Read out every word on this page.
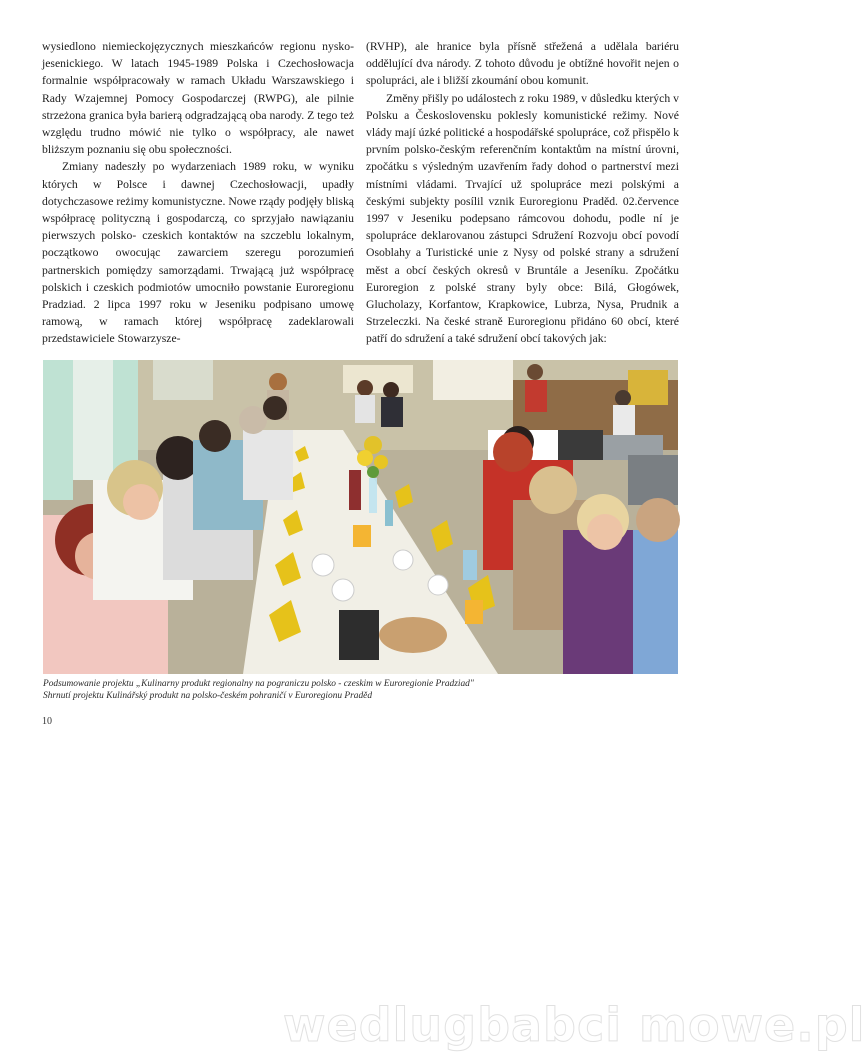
wysiedlono niemieckojęzycznych mieszkańców regionu nysko-jesenickiego. W latach 1945-1989 Polska i Czechosłowacja formalnie współpracowały w ramach Układu Warszawskiego i Rady Wzajemnej Pomocy Gospodarczej (RWPG), ale pilnie strzeżona granica była barierą odgradzającą oba narody. Z tego też względu trudno mówić nie tylko o współpracy, ale nawet bliższym poznaniu się obu społeczności.

Zmiany nadeszły po wydarzeniach 1989 roku, w wyniku których w Polsce i dawnej Czechosłowacji, upadły dotychczasowe reżimy komunistyczne. Nowe rządy podjęły bliską współpracę polityczną i gospodarczą, co sprzyjało nawiązaniu pierwszych polsko- czeskich kontaktów na szczeblu lokalnym, początkowo owocując zawarciem szeregu porozumień partnerskich pomiędzy samorządami. Trwającą już współpracę polskich i czeskich podmiotów umocniło powstanie Euroregionu Pradziad. 2 lipca 1997 roku w Jeseniku podpisano umowę ramową, w ramach której współpracę zadeklarowali przedstawiciele Stowarzysze-

(RVHP), ale hranice byla přísně střežená a udělala bariéru oddělující dva národy. Z tohoto důvodu je obtížné hovořit nejen o spolupráci, ale i bližší zkoumání obou komunit.

Změny přišly po událostech z roku 1989, v důsledku kterých v Polsku a Československu poklesly komunistické režimy. Nové vlády mají úzké politické a hospodářské spolupráce, což přispělo k prvním polsko-českým referenčním kontaktům na místní úrovni, zpočátku s výsledným uzavřením řady dohod o partnerství mezi místními vládami. Trvající už spolupráce mezi polskými a českými subjekty posílil vznik Euroregionu Praděd. 02.července 1997 v Jeseniku podepsano rámcovou dohodu, podle ní je spolupráce deklarovanou zástupci Sdružení Rozvoju obcí povodí Osoblahy a Turistické unie z Nysy od polské strany a sdružení měst a obcí českých okresů v Bruntále a Jeseníku. Zpočátku Euroregion z polské strany byly obce: Bilá, Głogówek, Glucholazy, Korfantow, Krapkowice, Lubrza, Nysa, Prudnik a Strzeleczki. Na české straně Euroregionu přidáno 60 obcí, které patří do sdružení a také sdružení obcí takových jak:

wedlugbabci mowe.pl
Podsumowanie projektu „Kulinarny produkt regionalny na pograniczu polsko - czeskim w Euroregionie Pradziad"
Shrnutí projektu Kulinářský produkt na polsko-českém pohraničí v Euroregionu Praděd
10
